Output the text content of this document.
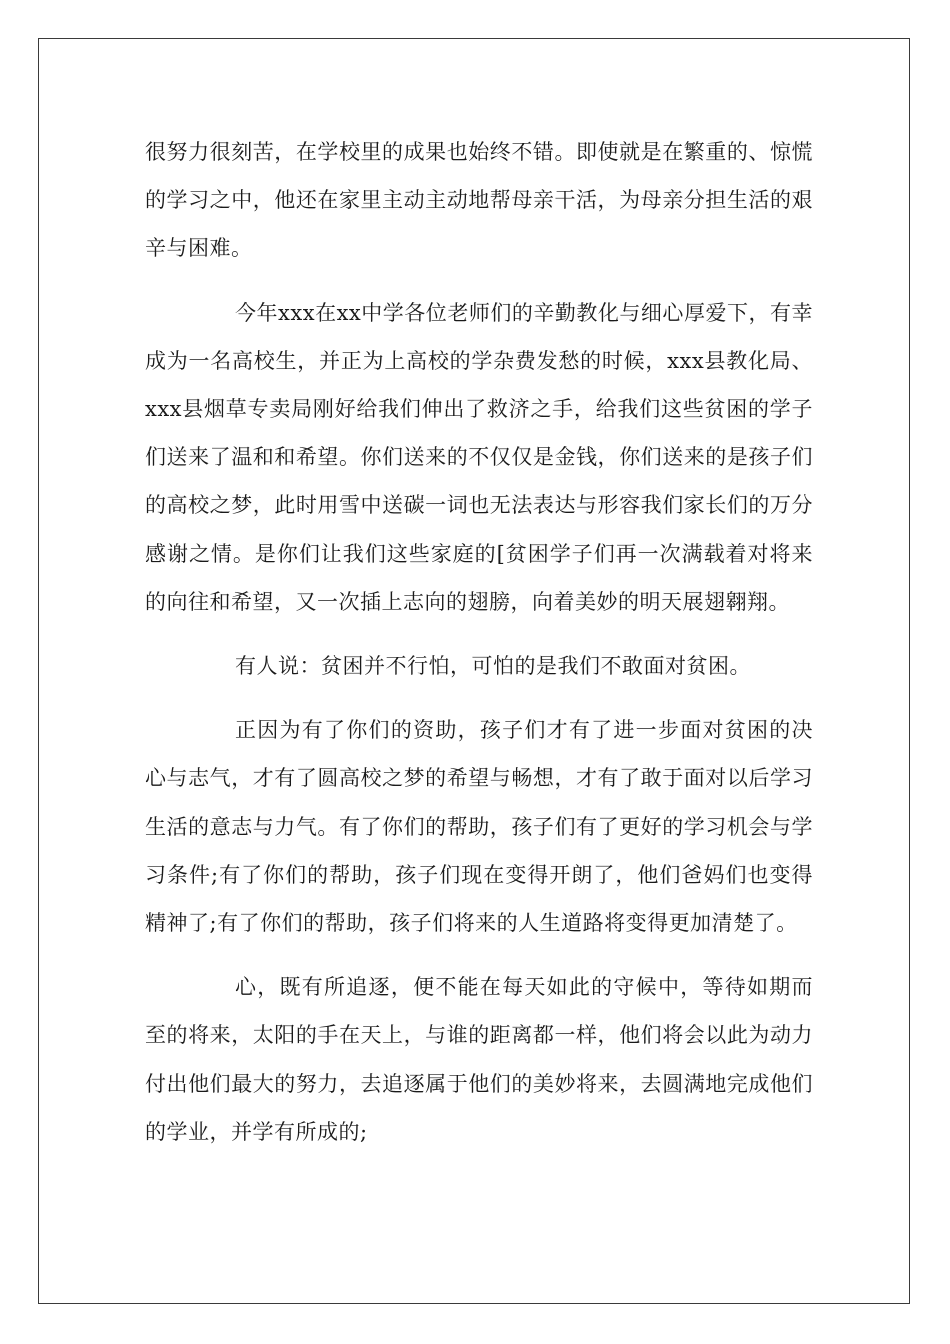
很努力很刻苦，在学校里的成果也始终不错。即使就是在繁重的、惊慌的学习之中，他还在家里主动主动地帮母亲干活，为母亲分担生活的艰辛与困难。

今年xxx在xx中学各位老师们的辛勤教化与细心厚爱下，有幸成为一名高校生，并正为上高校的学杂费发愁的时候，xxx县教化局、xxx县烟草专卖局刚好给我们伸出了救济之手，给我们这些贫困的学子们送来了温和和希望。你们送来的不仅仅是金钱，你们送来的是孩子们的高校之梦，此时用雪中送碳一词也无法表达与形容我们家长们的万分感谢之情。是你们让我们这些家庭的[贫困学子们再一次满载着对将来的向往和希望，又一次插上志向的翅膀，向着美妙的明天展翅翱翔。

有人说：贫困并不行怕，可怕的是我们不敢面对贫困。

正因为有了你们的资助，孩子们才有了进一步面对贫困的决心与志气，才有了圆高校之梦的希望与畅想，才有了敢于面对以后学习生活的意志与力气。有了你们的帮助，孩子们有了更好的学习机会与学习条件;有了你们的帮助，孩子们现在变得开朗了，他们爸妈们也变得精神了;有了你们的帮助，孩子们将来的人生道路将变得更加清楚了。

心，既有所追逐，便不能在每天如此的守候中，等待如期而至的将来，太阳的手在天上，与谁的距离都一样，他们将会以此为动力付出他们最大的努力，去追逐属于他们的美妙将来，去圆满地完成他们的学业，并学有所成的;
